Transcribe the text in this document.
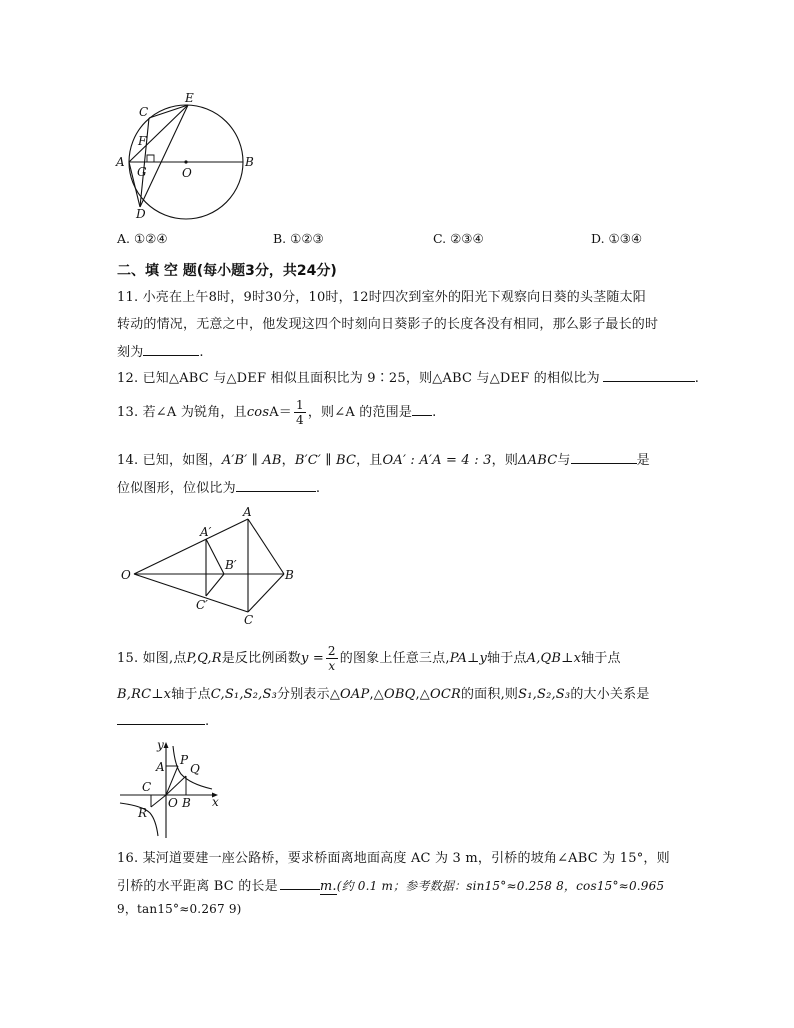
C
E
F
A
G	O
B
D
A. ①②④	B. ①②③	C. ②③④	D. ①③④
二、填 空 题(每小题3分，共24分)
11. 小亮在上午8时，9时30分，10时，12时四次到室外的阳光下观察向日葵的头茎随太阳
转动的情况，无意之中，他发现这四个时刻向日葵影子的长度各没有相同，那么影子最长的时
刻为	.
12. 已知△ABC 与△DEF 相似且面积比为 9∶25，则△ABC 与△DEF 的相似比为	.
13. 若∠A 为锐角，且$\cos A= \frac{1}{4}$ ，则∠A 的范围是 .
14. 已知，如图，A′B′ ∥ AB，B′C′ ∥ BC，且OA′ : A′A = 4 : 3，则ΔABC与	是
位似图形，位似比为	.
O
A
A′
B′
B
C′
C
15. 如图,点P,Q,R是反比例函数$y = \frac{2}{x}$ 的图象上任意三点,PA⊥y轴于点A,QB⊥x轴于点
B,RC⊥x轴于点C,S₁,S₂,S₃分别表示△OAP,△OBQ,△OCR的面积,则S₁,S₂,S₃的大小关系是
.
y
P
A Q
C
O B x
R
16. 某河道要建一座公路桥，要求桥面离地面高度 AC 为 3 m，引桥的坡角∠ABC 为 15°，则
引桥的水平距离 BC 的长是	m.(约 0.1 m；参考数据：sin15°≈0.258 8，cos15°≈0.965
9，tan15°≈0.267 9)
